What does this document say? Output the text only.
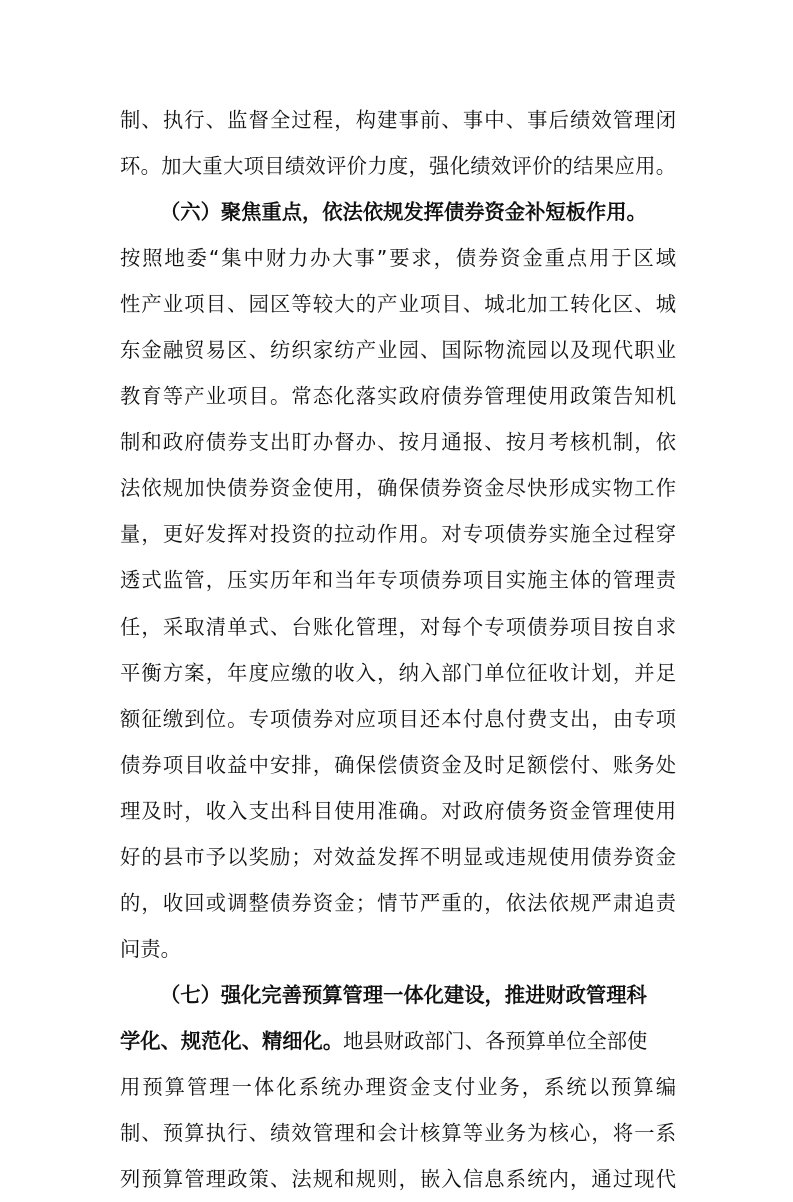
制、执行、监督全过程，构建事前、事中、事后绩效管理闭
环。加大重大项目绩效评价力度，强化绩效评价的结果应用。
（六）聚焦重点，依法依规发挥债券资金补短板作用。
按照地委“集中财力办大事”要求，债券资金重点用于区域
性产业项目、园区等较大的产业项目、城北加工转化区、城
东金融贸易区、纺织家纺产业园、国际物流园以及现代职业
教育等产业项目。常态化落实政府债券管理使用政策告知机
制和政府债券支出盯办督办、按月通报、按月考核机制，依
法依规加快债券资金使用，确保债券资金尽快形成实物工作
量，更好发挥对投资的拉动作用。对专项债券实施全过程穿
透式监管，压实历年和当年专项债券项目实施主体的管理责
任，采取清单式、台账化管理，对每个专项债券项目按自求
平衡方案，年度应缴的收入，纳入部门单位征收计划，并足
额征缴到位。专项债券对应项目还本付息付费支出，由专项
债券项目收益中安排，确保偿债资金及时足额偿付、账务处
理及时，收入支出科目使用准确。对政府债务资金管理使用
好的县市予以奖励；对效益发挥不明显或违规使用债券资金
的，收回或调整债券资金；情节严重的，依法依规严肃追责
问责。
（七）强化完善预算管理一体化建设，推进财政管理科
学化、规范化、精细化。地县财政部门、各预算单位全部使
用预算管理一体化系统办理资金支付业务，系统以预算编
制、预算执行、绩效管理和会计核算等业务为核心，将一系
列预算管理政策、法规和规则，嵌入信息系统内，通过现代
